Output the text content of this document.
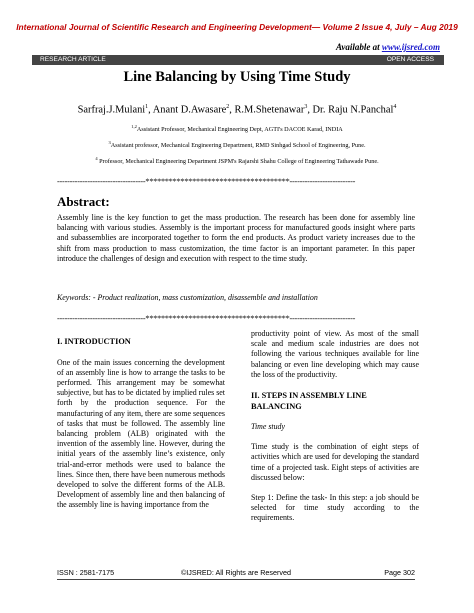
International Journal of Scientific Research and Engineering Development— Volume 2 Issue 4, July – Aug 2019
Available at www.ijsred.com
RESEARCH ARTICLE	OPEN ACCESS
Line Balancing by Using Time Study
Sarfraj.J.Mulani$^1$, Anant D.Awasare$^2$, R.M.Shetenawar$^3$, Dr. Raju N.Panchal$^4$
$^{1,2}$Assistant Professor, Mechanical Engineering Dept, AGTI's DACOE Karad, INDIA
$^3$Assistant professor, Mechanical Engineering Department, RMD Sinhgad School of Engineering, Pune.
$^4$ Professor, Mechanical Engineering Department JSPM's Rajarshi Shahu College of Engineering Tathawade Pune.
-----------------------------------*************************************--------------------------
Abstract:
Assembly line is the key function to get the mass production. The research has been done for assembly line balancing with various studies. Assembly is the important process for manufactured goods insight where parts and subassemblies are incorporated together to form the end products. As product variety increases due to the shift from mass production to mass customization, the time factor is an important parameter. In this paper introduce the challenges of design and execution with respect to the time study.
Keywords: - Product realization, mass customization, disassemble and installation
-----------------------------------*************************************--------------------------
I. INTRODUCTION
One of the main issues concerning the development of an assembly line is how to arrange the tasks to be performed. This arrangement may be somewhat subjective, but has to be dictated by implied rules set forth by the production sequence. For the manufacturing of any item, there are some sequences of tasks that must be followed. The assembly line balancing problem (ALB) originated with the invention of the assembly line. However, during the initial years of the assembly line’s existence, only trial-and-error methods were used to balance the lines. Since then, there have been numerous methods developed to solve the different forms of the ALB. Development of assembly line and then balancing of the assembly line is having importance from the
productivity point of view. As most of the small scale and medium scale industries are does not following the various techniques available for line balancing or even line developing which may cause the loss of the productivity.
II. STEPS IN ASSEMBLY LINE BALANCING
Time study
Time study is the combination of eight steps of activities which are used for developing the standard time of a projected task. Eight steps of activities are discussed below:
Step 1: Define the task- In this step: a job should be selected for time study according to the requirements.
ISSN : 2581-7175	©IJSRED: All Rights are Reserved	Page 302
